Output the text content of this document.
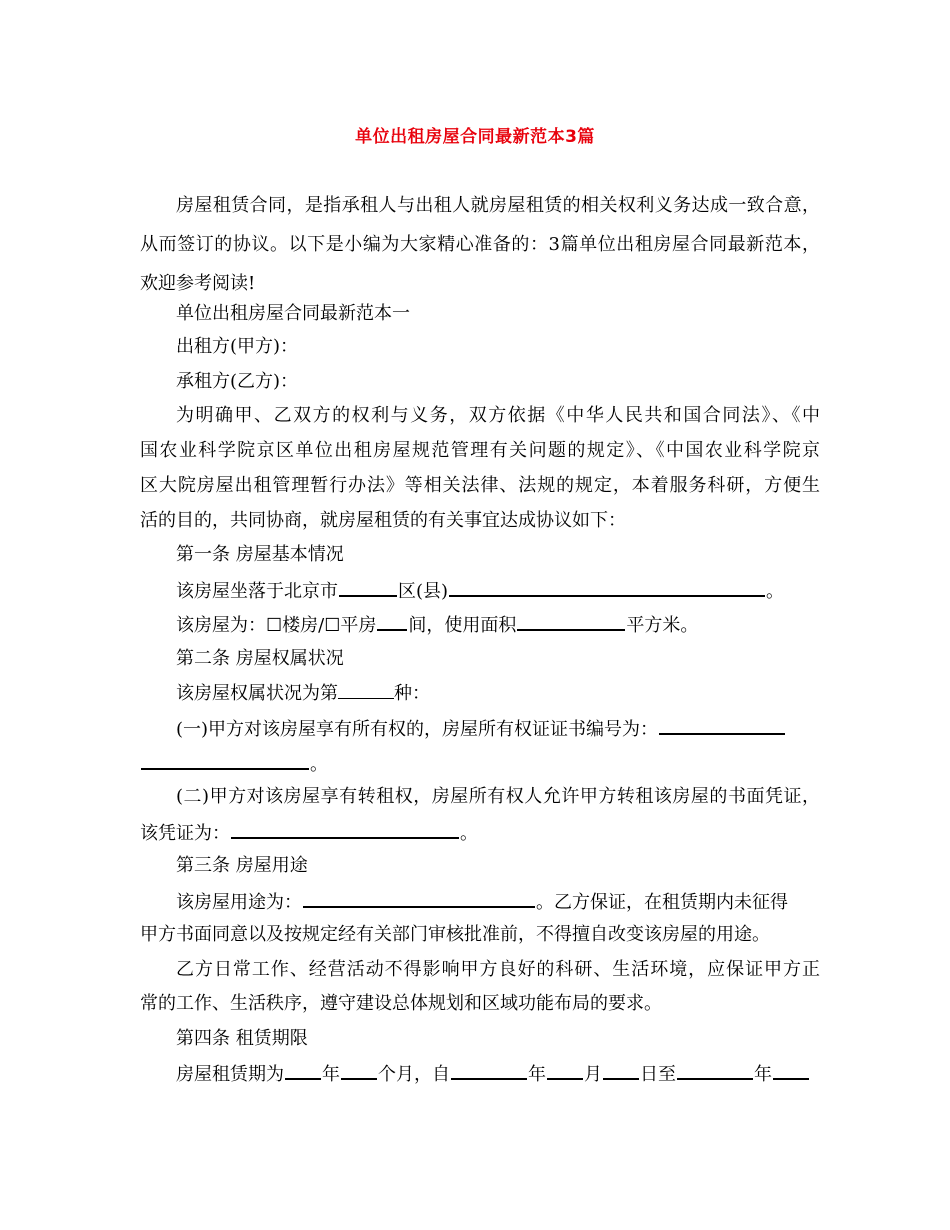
单位出租房屋合同最新范本3篇
房屋租赁合同，是指承租人与出租人就房屋租赁的相关权利义务达成一致合意，
从而签订的协议。以下是小编为大家精心准备的：3篇单位出租房屋合同最新范本，
欢迎参考阅读!
单位出租房屋合同最新范本一
出租方(甲方)：
承租方(乙方)：
为明确甲、乙双方的权利与义务，双方依据《中华人民共和国合同法》、《中
国农业科学院京区单位出租房屋规范管理有关问题的规定》、《中国农业科学院京
区大院房屋出租管理暂行办法》等相关法律、法规的规定，本着服务科研，方便生
活的目的，共同协商，就房屋租赁的有关事宜达成协议如下：
第一条 房屋基本情况
该房屋坐落于北京市	区(县)	。
该房屋为：☐楼房/☐平房 间，使用面积	平方米。
第二条 房屋权属状况
该房屋权属状况为第	种：
(一)甲方对该房屋享有所有权的，房屋所有权证证书编号为：
。
(二)甲方对该房屋享有转租权，房屋所有权人允许甲方转租该房屋的书面凭证，
该凭证为：	。
第三条 房屋用途
该房屋用途为：	。乙方保证，在租赁期内未征得
甲方书面同意以及按规定经有关部门审核批准前，不得擅自改变该房屋的用途。
乙方日常工作、经营活动不得影响甲方良好的科研、生活环境，应保证甲方正
常的工作、生活秩序，遵守建设总体规划和区域功能布局的要求。
第四条 租赁期限
房屋租赁期为 年 个月，自	年 月 日至	年
